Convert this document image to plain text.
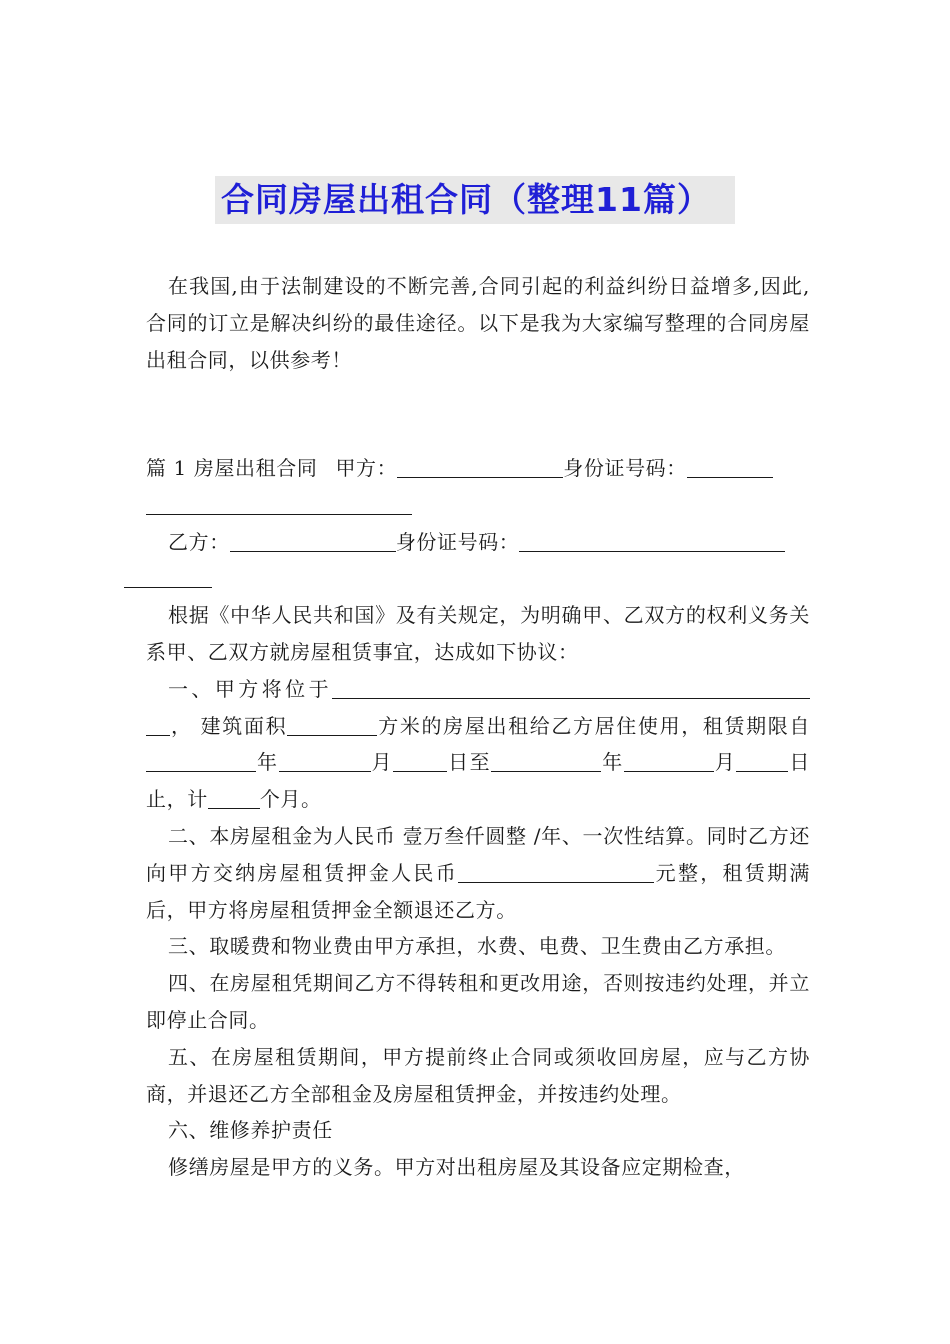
合同房屋出租合同（整理11篇）

在我国,由于法制建设的不断完善,合同引起的利益纠纷日益增多,因此,合同的订立是解决纠纷的最佳途径。以下是我为大家编写整理的合同房屋出租合同，以供参考！

篇 1 房屋出租合同 甲方：	身份证号码：

乙方：	身份证号码：

根据《中华人民共和国》及有关规定，为明确甲、乙双方的权利义务关系甲、乙双方就房屋租赁事宜，达成如下协议：

一、甲方将位于， 建筑面积	方米的房屋出租给乙方居住使用，租赁期限自年	月	日至	年	月	日止，计	个月。

二、本房屋租金为人民币 壹万叁仟圆整 /年、一次性结算。同时乙方还向甲方交纳房屋租赁押金人民币	元整，租赁期满后，甲方将房屋租赁押金全额退还乙方。

三、取暖费和物业费由甲方承担，水费、电费、卫生费由乙方承担。

四、在房屋租凭期间乙方不得转租和更改用途，否则按违约处理，并立即停止合同。

五、在房屋租赁期间，甲方提前终止合同或须收回房屋，应与乙方协商，并退还乙方全部租金及房屋租赁押金，并按违约处理。

六、维修养护责任

修缮房屋是甲方的义务。甲方对出租房屋及其设备应定期检查，
